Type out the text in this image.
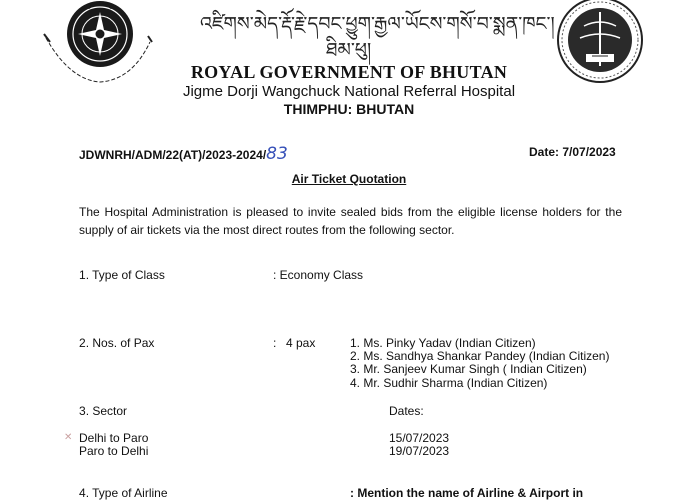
འཛིགས་མེད་རྡོ་རྗེ་དབང་ཕྱུག་རྒྱལ་ཡོངས་གསོ་བ་སྨན་ཁང་།
ཐིམ་ཕུ།
ROYAL GOVERNMENT OF BHUTAN
Jigme Dorji Wangchuck National Referral Hospital
THIMPHU: BHUTAN
JDWNRH/ADM/22(AT)/2023-2024/83	Date: 7/07/2023
Air Ticket Quotation
The Hospital Administration is pleased to invite sealed bids from the eligible license holders for the supply of air tickets via the most direct routes from the following sector.
1. Type of Class	: Economy Class
2. Nos. of Pax	: 4 pax	1. Ms. Pinky Yadav (Indian Citizen)
2. Ms. Sandhya Shankar Pandey (Indian Citizen)
3. Mr. Sanjeev Kumar Singh ( Indian Citizen)
4. Mr. Sudhir Sharma (Indian Citizen)
3. Sector	Dates:
✕ Delhi to Paro	15/07/2023
Paro to Delhi	19/07/2023
4. Type of Airline	: Mention the name of Airline & Airport in
